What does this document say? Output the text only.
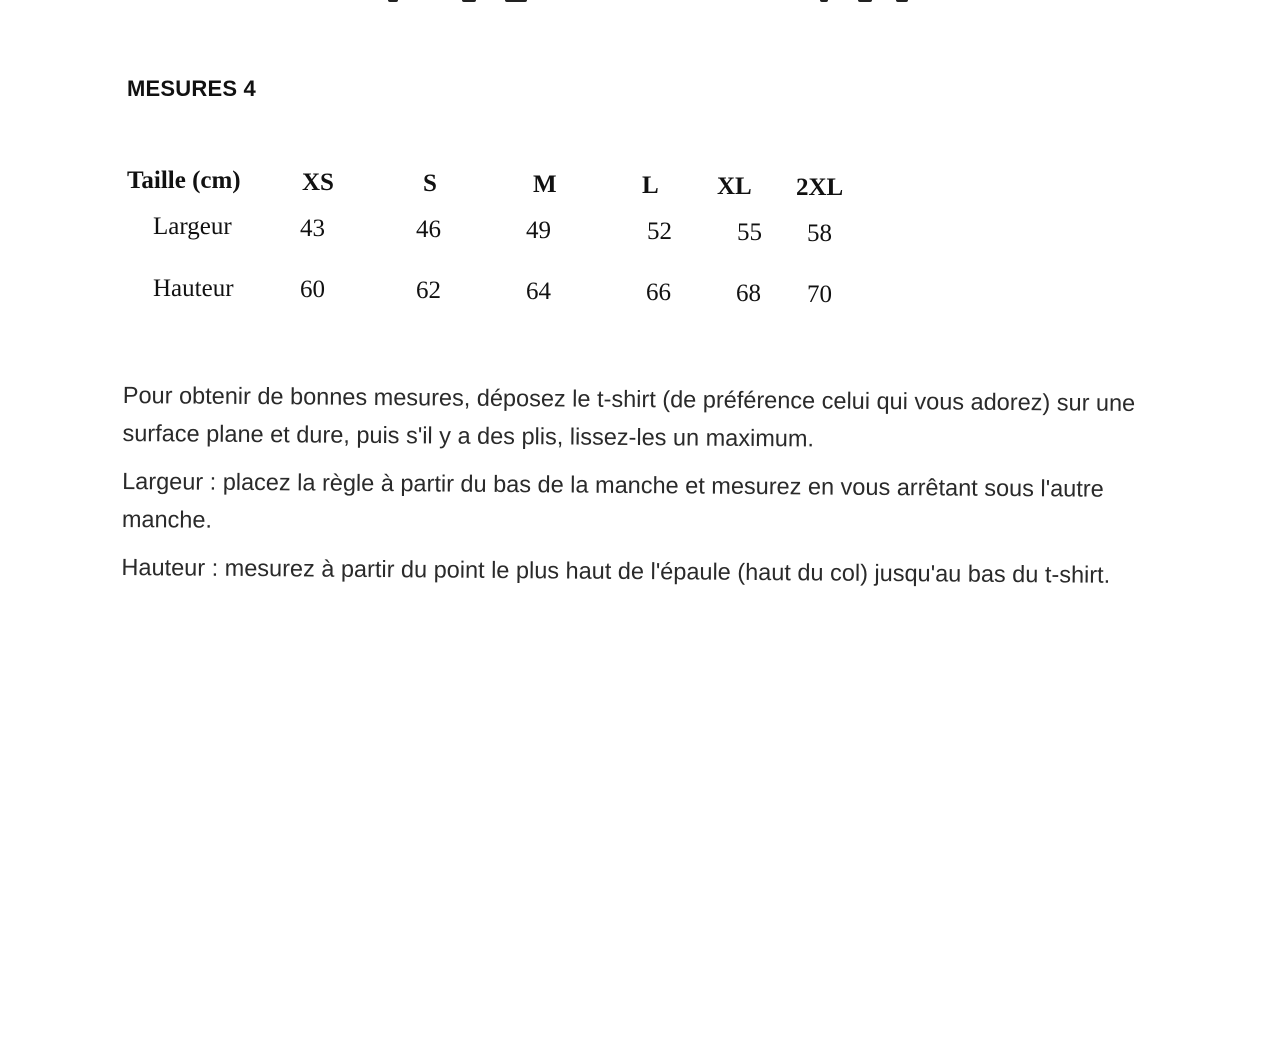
MESURES 4
Taille (cm) XS	S	M	L XL 2XL
Largeur	43	46	49	52	55 58
Hauteur	60	62	64	66	68 70

Pour obtenir de bonnes mesures, déposez le t-shirt (de préférence celui qui vous adorez) sur une surface plane et dure, puis s'il y a des plis, lissez-les un maximum.

Largeur : placez la règle à partir du bas de la manche et mesurez en vous arrêtant sous l'autre manche.

Hauteur : mesurez à partir du point le plus haut de l'épaule (haut du col) jusqu'au bas du t-shirt.
